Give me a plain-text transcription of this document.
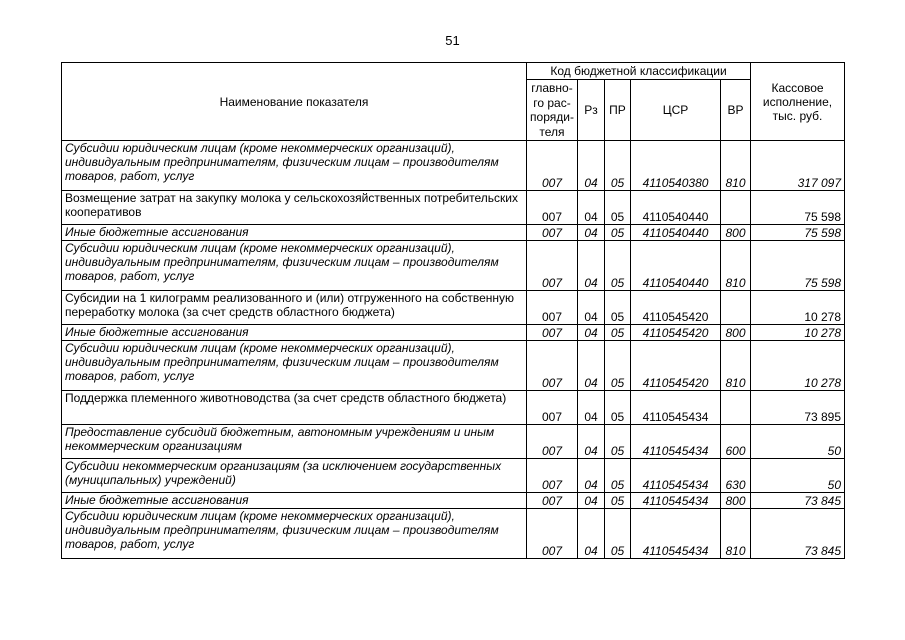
51
Наименование показателя	Код бюджетной классификации					Кассовое исполнение, тыс. руб.
	главно-го рас-поряди-теля	Рз	ПР	ЦСР	ВР	
Субсидии юридическим лицам (кроме некоммерческих организаций), индивидуальным предпринимателям, физическим лицам – производителям товаров, работ, услуг	007	04	05	4110540380	810	317 097
Возмещение затрат на закупку молока у сельскохозяйственных потребительских кооперативов	007	04	05	4110540440		75 598
Иные бюджетные ассигнования	007	04	05	4110540440	800	75 598
Субсидии юридическим лицам (кроме некоммерческих организаций), индивидуальным предпринимателям, физическим лицам – производителям товаров, работ, услуг	007	04	05	4110540440	810	75 598
Субсидии на 1 килограмм реализованного и (или) отгруженного на собственную переработку молока (за счет средств областного бюджета)	007	04	05	4110545420		10 278
Иные бюджетные ассигнования	007	04	05	4110545420	800	10 278
Субсидии юридическим лицам (кроме некоммерческих организаций), индивидуальным предпринимателям, физическим лицам – производителям товаров, работ, услуг	007	04	05	4110545420	810	10 278
Поддержка племенного животноводства (за счет средств областного бюджета)	007	04	05	4110545434		73 895
Предоставление субсидий бюджетным, автономным учреждениям и иным некоммерческим организациям	007	04	05	4110545434	600	50
Субсидии некоммерческим организациям (за исключением государственных (муниципальных) учреждений)	007	04	05	4110545434	630	50
Иные бюджетные ассигнования	007	04	05	4110545434	800	73 845
Субсидии юридическим лицам (кроме некоммерческих организаций), индивидуальным предпринимателям, физическим лицам – производителям товаров, работ, услуг	007	04	05	4110545434	810	73 845
